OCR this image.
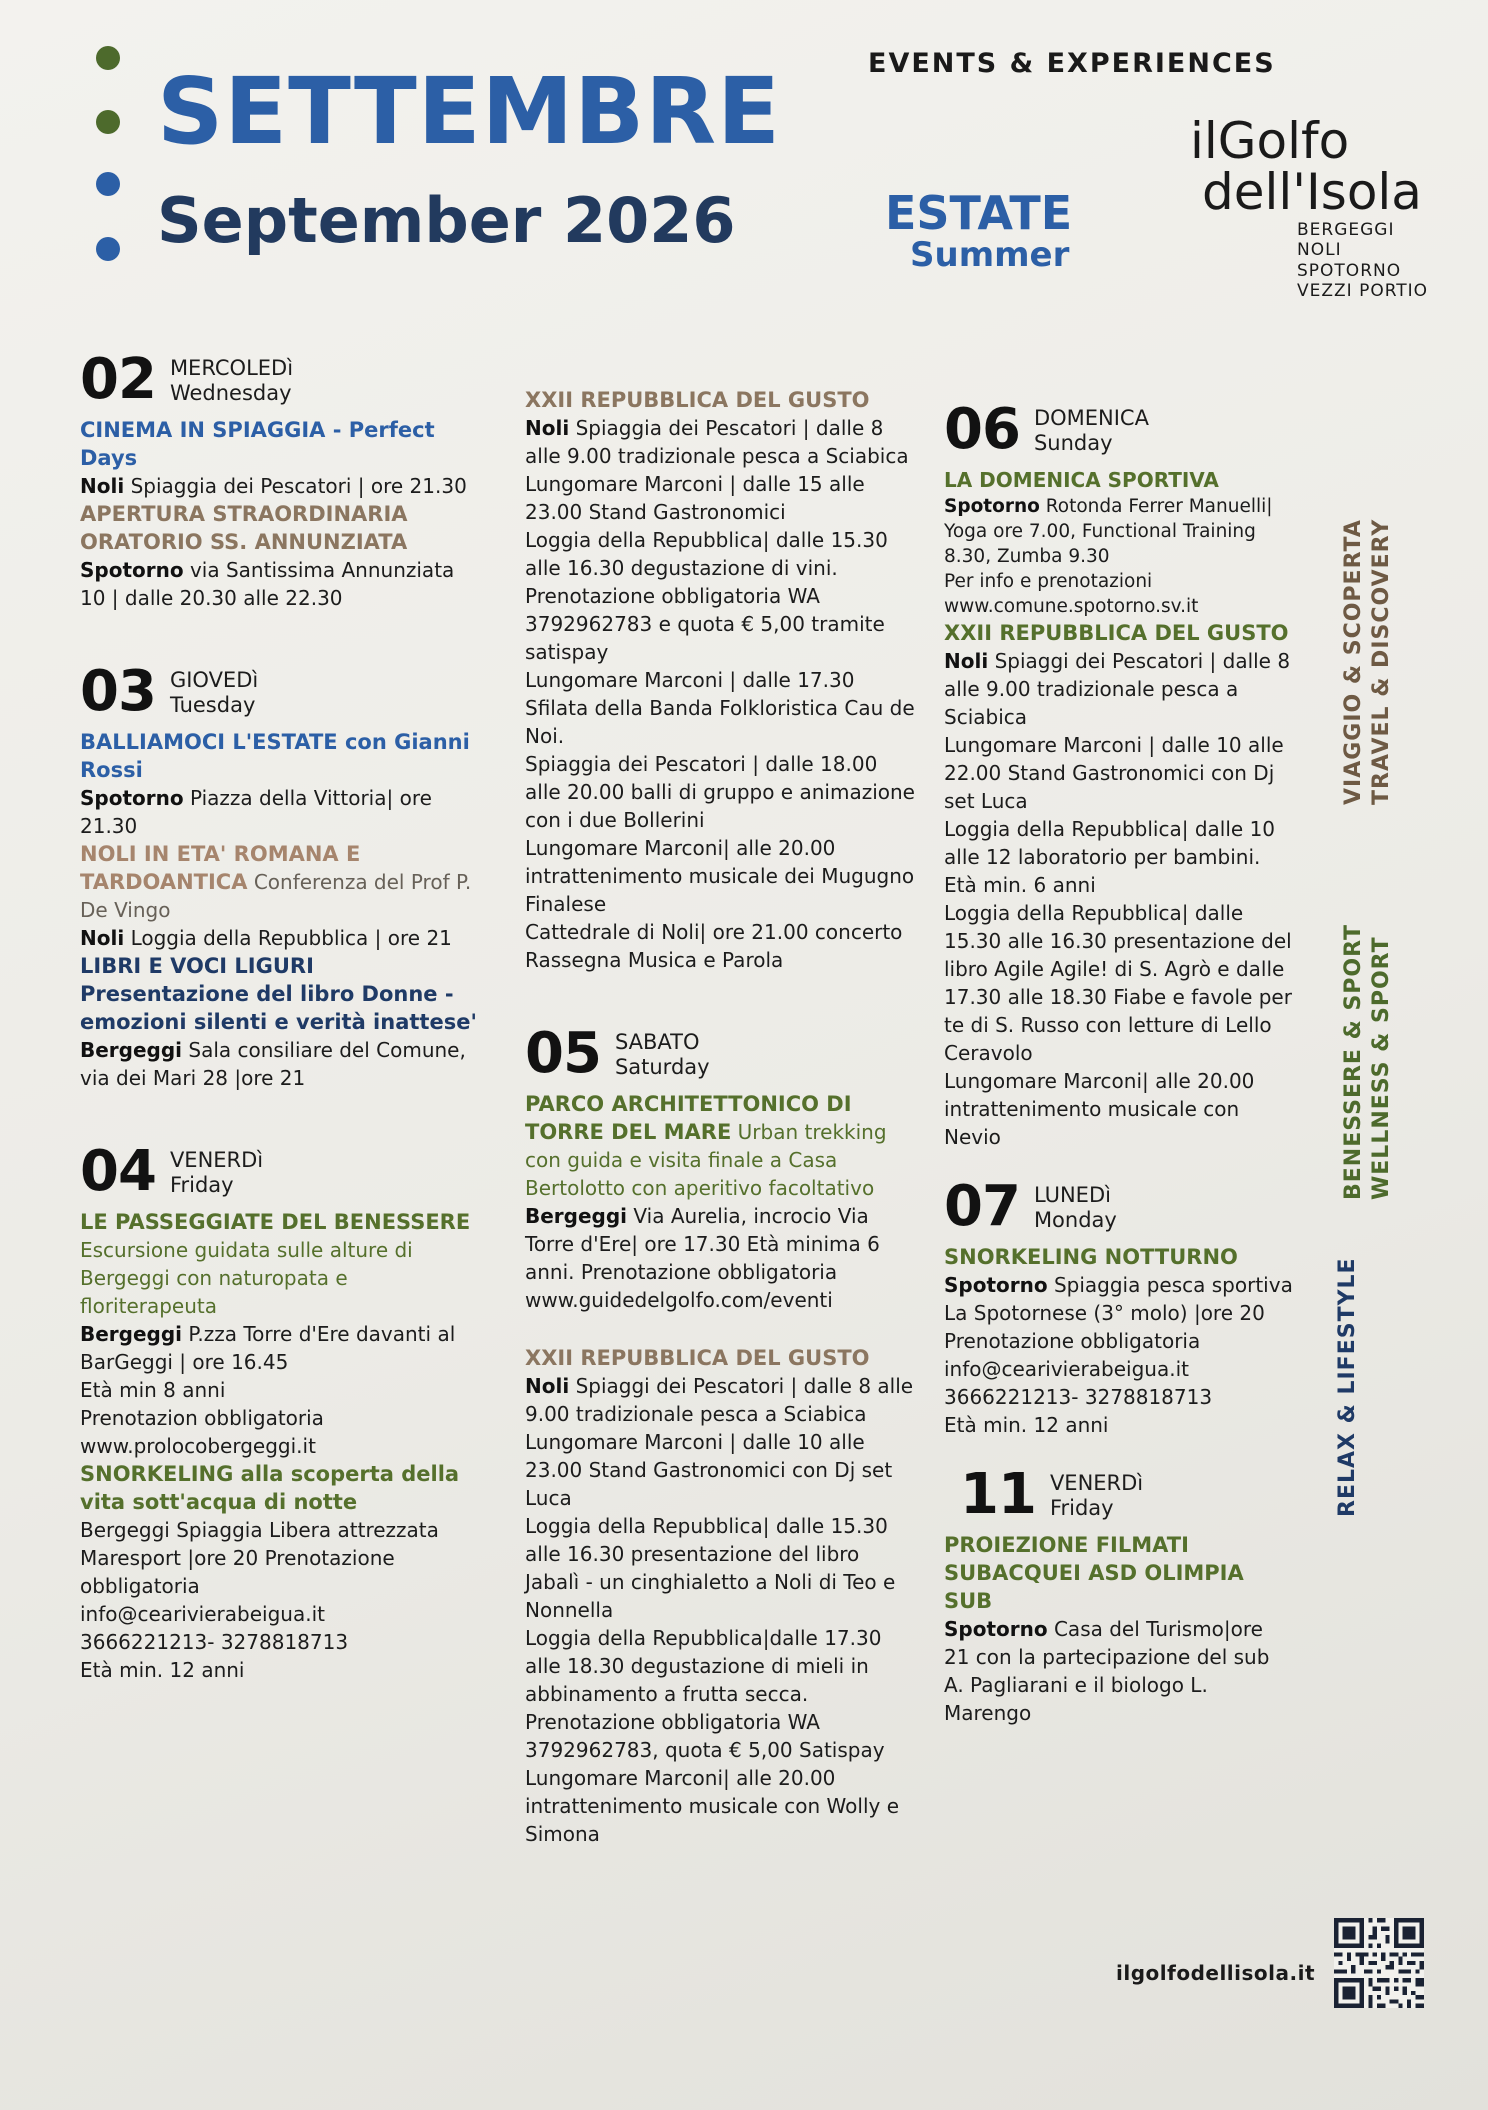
SETTEMBRE
September 2026
EVENTS & EXPERIENCES
ESTATE
Summer
ilGolfo
dell'Isola
BERGEGGI
NOLI
SPOTORNO
VEZZI PORTIO
02 MERCOLEDì
Wednesday
CINEMA IN SPIAGGIA - Perfect Days
Noli Spiaggia dei Pescatori | ore 21.30
APERTURA STRAORDINARIA
ORATORIO SS. ANNUNZIATA
Spotorno via Santissima Annunziata 10 | dalle 20.30 alle 22.30
03 GIOVEDì
Tuesday
BALLIAMOCI L'ESTATE con Gianni Rossi
Spotorno Piazza della Vittoria| ore 21.30
NOLI IN ETA' ROMANA E TARDOANTICA Conferenza del Prof P. De Vingo
Noli Loggia della Repubblica | ore 21
LIBRI E VOCI LIGURI
Presentazione del libro Donne -emozioni silenti e verità inattese'
Bergeggi Sala consiliare del Comune, via dei Mari 28 |ore 21
04 VENERDì
Friday
LE PASSEGGIATE DEL BENESSERE
Escursione guidata sulle alture di Bergeggi con naturopata e floriterapeuta
Bergeggi P.zza Torre d'Ere davanti al BarGeggi | ore 16.45
Età min 8 anni
Prenotazion obbligatoria
www.prolocobergeggi.it
SNORKELING alla scoperta della vita sott'acqua di notte
Bergeggi Spiaggia Libera attrezzata Maresport |ore 20 Prenotazione obbligatoria
info@cearivierabeigua.it
3666221213- 3278818713
Età min. 12 anni
XXII REPUBBLICA DEL GUSTO
Noli Spiaggia dei Pescatori | dalle 8 alle 9.00 tradizionale pesca a Sciabica
Lungomare Marconi | dalle 15 alle 23.00 Stand Gastronomici
Loggia della Repubblica| dalle 15.30 alle 16.30 degustazione di vini. Prenotazione obbligatoria WA 3792962783 e quota € 5,00 tramite satispay
Lungomare Marconi | dalle 17.30 Sfilata della Banda Folkloristica Cau de Noi.
Spiaggia dei Pescatori | dalle 18.00 alle 20.00 balli di gruppo e animazione con i due Bollerini
Lungomare Marconi| alle 20.00 intrattenimento musicale dei Mugugno Finalese
Cattedrale di Noli| ore 21.00 concerto Rassegna Musica e Parola
05 SABATO
Saturday
PARCO ARCHITETTONICO DI TORRE DEL MARE Urban trekking con guida e visita finale a Casa Bertolotto con aperitivo facoltativo
Bergeggi Via Aurelia, incrocio Via Torre d'Ere| ore 17.30 Età minima 6 anni. Prenotazione obbligatoria
www.guidedelgolfo.com/eventi
XXII REPUBBLICA DEL GUSTO
Noli Spiaggi dei Pescatori | dalle 8 alle 9.00 tradizionale pesca a Sciabica
Lungomare Marconi | dalle 10 alle 23.00 Stand Gastronomici con Dj set Luca
Loggia della Repubblica| dalle 15.30 alle 16.30 presentazione del libro Jabalì - un cinghialetto a Noli di Teo e Nonnella
Loggia della Repubblica|dalle 17.30 alle 18.30 degustazione di mieli in abbinamento a frutta secca.
Prenotazione obbligatoria WA 3792962783, quota € 5,00 Satispay
Lungomare Marconi| alle 20.00 intrattenimento musicale con Wolly e Simona
06 DOMENICA
Sunday
LA DOMENICA SPORTIVA
Spotorno Rotonda Ferrer Manuelli| Yoga ore 7.00, Functional Training 8.30, Zumba 9.30
Per info e prenotazioni
www.comune.spotorno.sv.it
XXII REPUBBLICA DEL GUSTO
Noli Spiaggi dei Pescatori | dalle 8 alle 9.00 tradizionale pesca a Sciabica
Lungomare Marconi | dalle 10 alle 22.00 Stand Gastronomici con Dj set Luca
Loggia della Repubblica| dalle 10 alle 12 laboratorio per bambini. Età min. 6 anni
Loggia della Repubblica| dalle 15.30 alle 16.30 presentazione del libro Agile Agile! di S. Agrò e dalle 17.30 alle 18.30 Fiabe e favole per te di S. Russo con letture di Lello Ceravolo
Lungomare Marconi| alle 20.00 intrattenimento musicale con Nevio
07 LUNEDì
Monday
SNORKELING NOTTURNO
Spotorno Spiaggia pesca sportiva La Spotornese (3° molo) |ore 20
Prenotazione obbligatoria
info@cearivierabeigua.it
3666221213- 3278818713
Età min. 12 anni
11 VENERDì
Friday
PROIEZIONE FILMATI SUBACQUEI ASD OLIMPIA SUB
Spotorno Casa del Turismo|ore 21 con la partecipazione del sub A. Pagliarani e il biologo L. Marengo
VIAGGIO & SCOPERTA TRAVEL & DISCOVERY
BENESSERE & SPORT WELLNESS & SPORT
RELAX & LIFESTYLE
ilgolfodellisola.it
